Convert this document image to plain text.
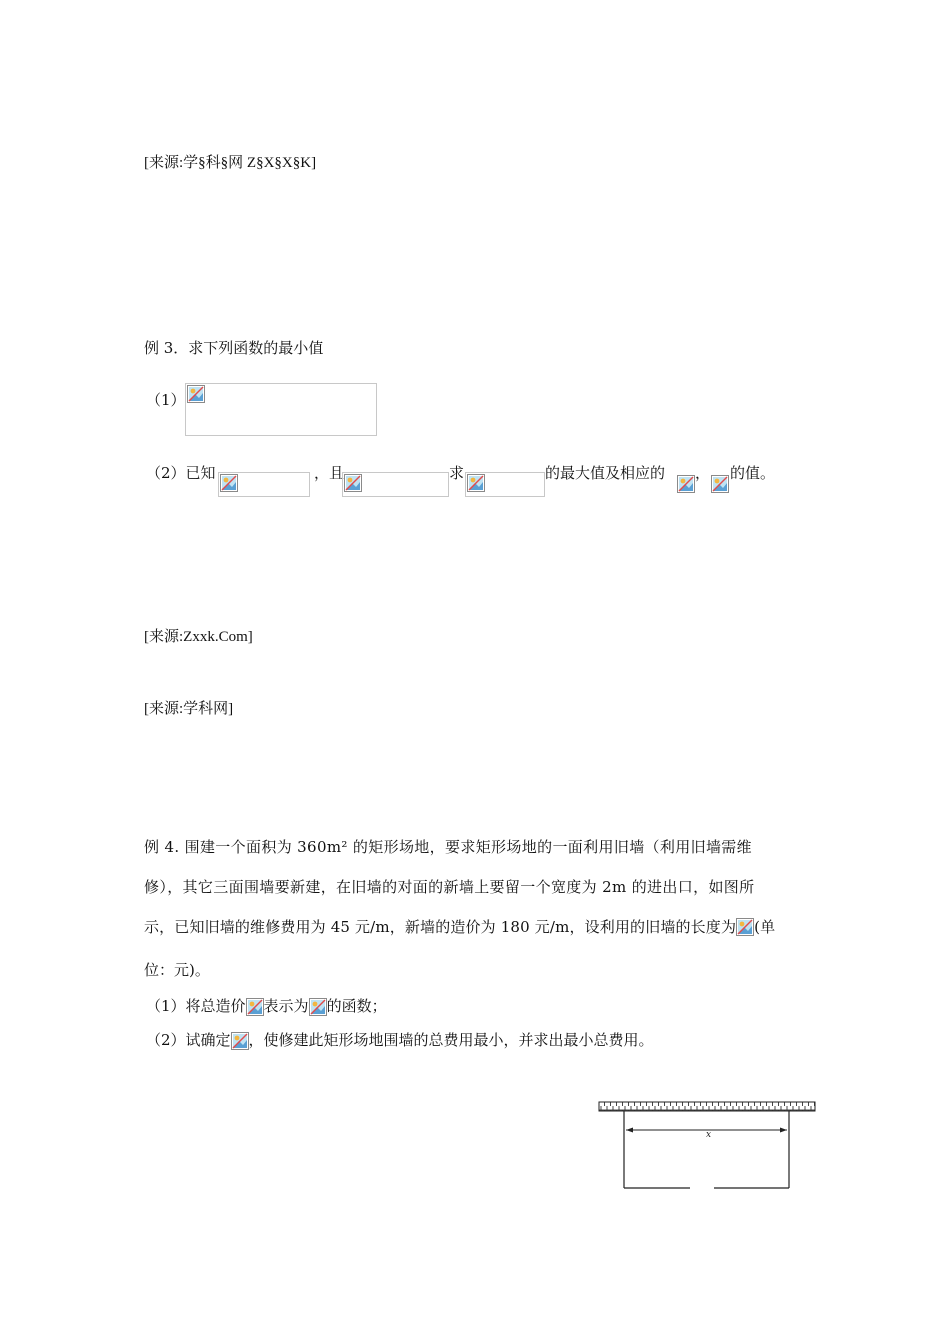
[来源:学§科§网 Z§X§X§K]
例 3．求下列函数的最小值
（1）
（2）已知	，且	求	的最大值及相应的 ， 的值。
[来源:Zxxk.Com]
[来源:学科网]
例 4. 围建一个面积为 360m² 的矩形场地，要求矩形场地的一面利用旧墙（利用旧墙需维
修），其它三面围墙要新建，在旧墙的对面的新墙上要留一个宽度为 2m 的进出口，如图所
示，已知旧墙的维修费用为 45 元/m，新墙的造价为 180 元/m，设利用的旧墙的长度为 (单
位：元)。
（1）将总造价 表示为 的函数；
（2）试确定 ，使修建此矩形场地围墙的总费用最小，并求出最小总费用。
x
